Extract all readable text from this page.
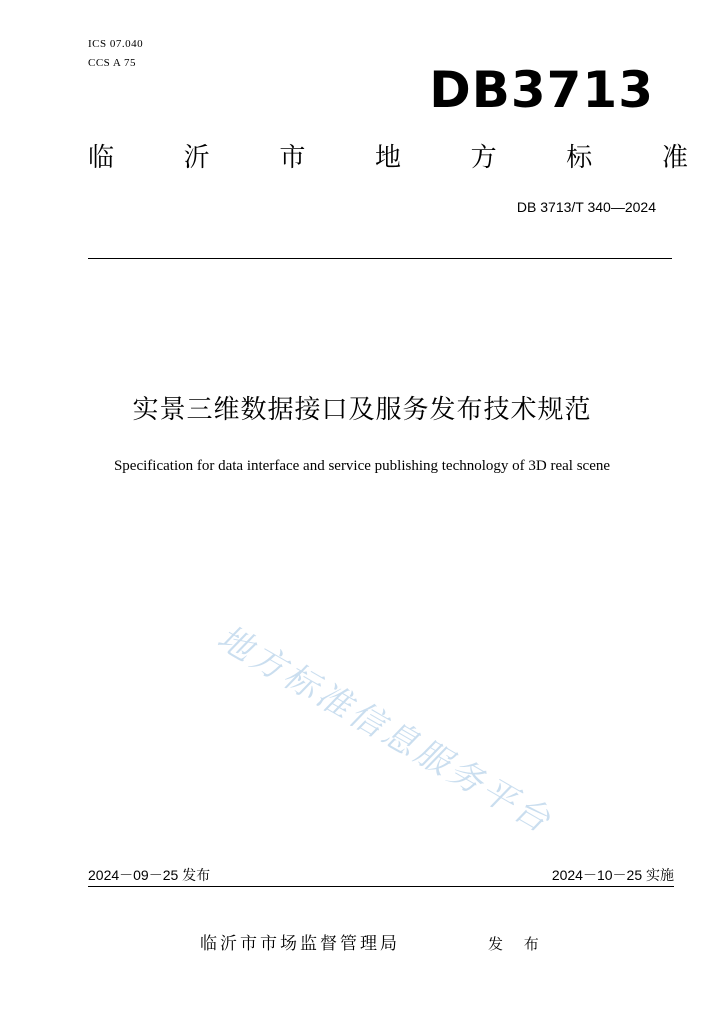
ICS 07.040
CCS A 75	DB3713
临	沂	市	地	方	标	准
DB 3713/T 340—2024
实景三维数据接口及服务发布技术规范
Specification for data interface and service publishing technology of 3D real scene
地方标准信息服务平台
2024－09－25 发布	2024－10－25 实施
临沂市市场监督管理局	发 布
